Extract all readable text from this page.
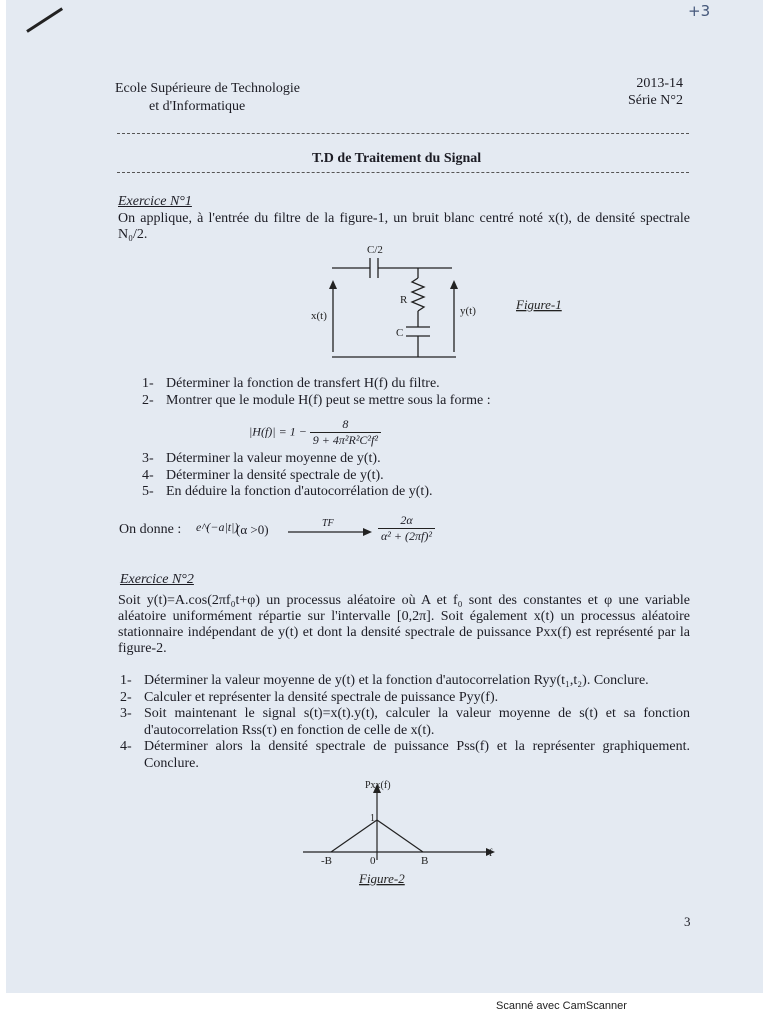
+3
Ecole Supérieure de Technologie
et d'Informatique
2013-14
Série N°2
T.D de Traitement du Signal
Exercice N°1
On applique, à l'entrée du filtre de la figure-1, un bruit blanc centré noté x(t), de densité spectrale N₀/2.
C/2
R
C
x(t)	y(t)	Figure-1
1- Déterminer la fonction de transfert H(f) du filtre.
2- Montrer que le module H(f) peut se mettre sous la forme :
$|H(f)| = 1 - \frac{8}{\text{9 + 4π²R²C²f²}}$
3- Déterminer la valeur moyenne de y(t).
4- Déterminer la densité spectrale de y(t).
5- En déduire la fonction d'autocorrélation de y(t).
On donne : e^(−a|t|)
(α >0)	TF	$\frac{2\alpha}{\text{α² + (2πf)²}}$
Exercice N°2
Soit y(t)=A.cos(2πf₀t+φ) un processus aléatoire où A et f₀ sont des constantes et φ une variable aléatoire uniformément répartie sur l'intervalle [0,2π]. Soit également x(t) un processus aléatoire stationnaire indépendant de y(t) et dont la densité spectrale de puissance Pxx(f) est représenté par la figure-2.
1- Déterminer la valeur moyenne de y(t) et la fonction d'autocorrelation Ryy(t₁,t₂). Conclure.
2- Calculer et représenter la densité spectrale de puissance Pyy(f).
3- Soit maintenant le signal s(t)=x(t).y(t), calculer la valeur moyenne de s(t) et sa fonction d'autocorrelation Rss(τ) en fonction de celle de x(t).
4- Déterminer alors la densité spectrale de puissance Pss(f) et la représenter graphiquement. Conclure.
Pxx(f)
1
-B	0	B
f
Figure-2
3
Scanné avec CamScanner
